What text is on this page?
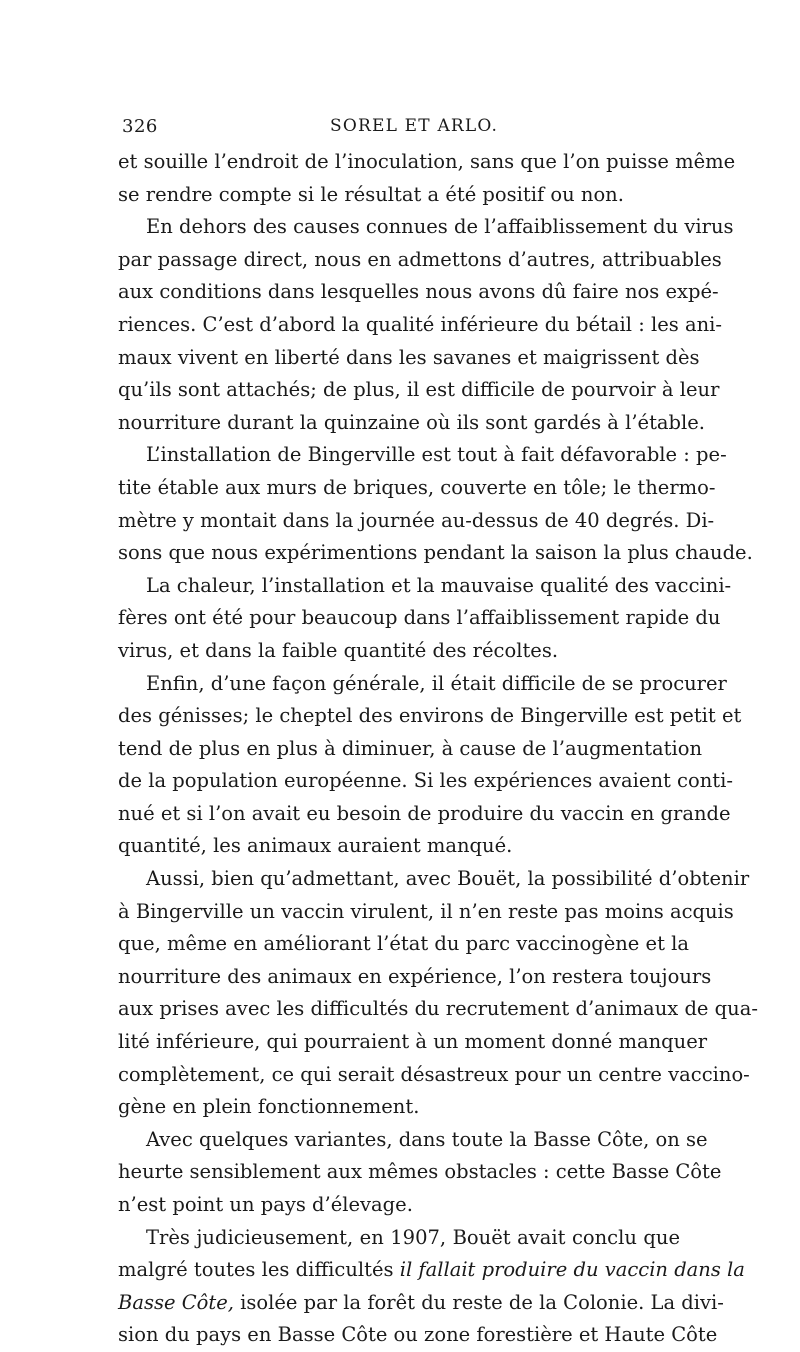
326	SOREL ET ARLO.
et souille l’endroit de l’inoculation, sans que l’on puisse même
se rendre compte si le résultat a été positif ou non.
En dehors des causes connues de l’affaiblissement du virus
par passage direct, nous en admettons d’autres, attribuables
aux conditions dans lesquelles nous avons dû faire nos expé-
riences. C’est d’abord la qualité inférieure du bétail : les ani-
maux vivent en liberté dans les savanes et maigrissent dès
qu’ils sont attachés; de plus, il est difficile de pourvoir à leur
nourriture durant la quinzaine où ils sont gardés à l’étable.
L’installation de Bingerville est tout à fait défavorable : pe-
tite étable aux murs de briques, couverte en tôle; le thermo-
mètre y montait dans la journée au-dessus de 40 degrés. Di-
sons que nous expérimentions pendant la saison la plus chaude.
La chaleur, l’installation et la mauvaise qualité des vaccini-
fères ont été pour beaucoup dans l’affaiblissement rapide du
virus, et dans la faible quantité des récoltes.
Enfin, d’une façon générale, il était difficile de se procurer
des génisses; le cheptel des environs de Bingerville est petit et
tend de plus en plus à diminuer, à cause de l’augmentation
de la population européenne. Si les expériences avaient conti-
nué et si l’on avait eu besoin de produire du vaccin en grande
quantité, les animaux auraient manqué.
Aussi, bien qu’admettant, avec Bouët, la possibilité d’obtenir
à Bingerville un vaccin virulent, il n’en reste pas moins acquis
que, même en améliorant l’état du parc vaccinogène et la
nourriture des animaux en expérience, l’on restera toujours
aux prises avec les difficultés du recrutement d’animaux de qua-
lité inférieure, qui pourraient à un moment donné manquer
complètement, ce qui serait désastreux pour un centre vaccino-
gène en plein fonctionnement.
Avec quelques variantes, dans toute la Basse Côte, on se
heurte sensiblement aux mêmes obstacles : cette Basse Côte
n’est point un pays d’élevage.
Très judicieusement, en 1907, Bouët avait conclu que
malgré toutes les difficultés il fallait produire du vaccin dans la
Basse Côte, isolée par la forêt du reste de la Colonie. La divi-
sion du pays en Basse Côte ou zone forestière et Haute Côte
